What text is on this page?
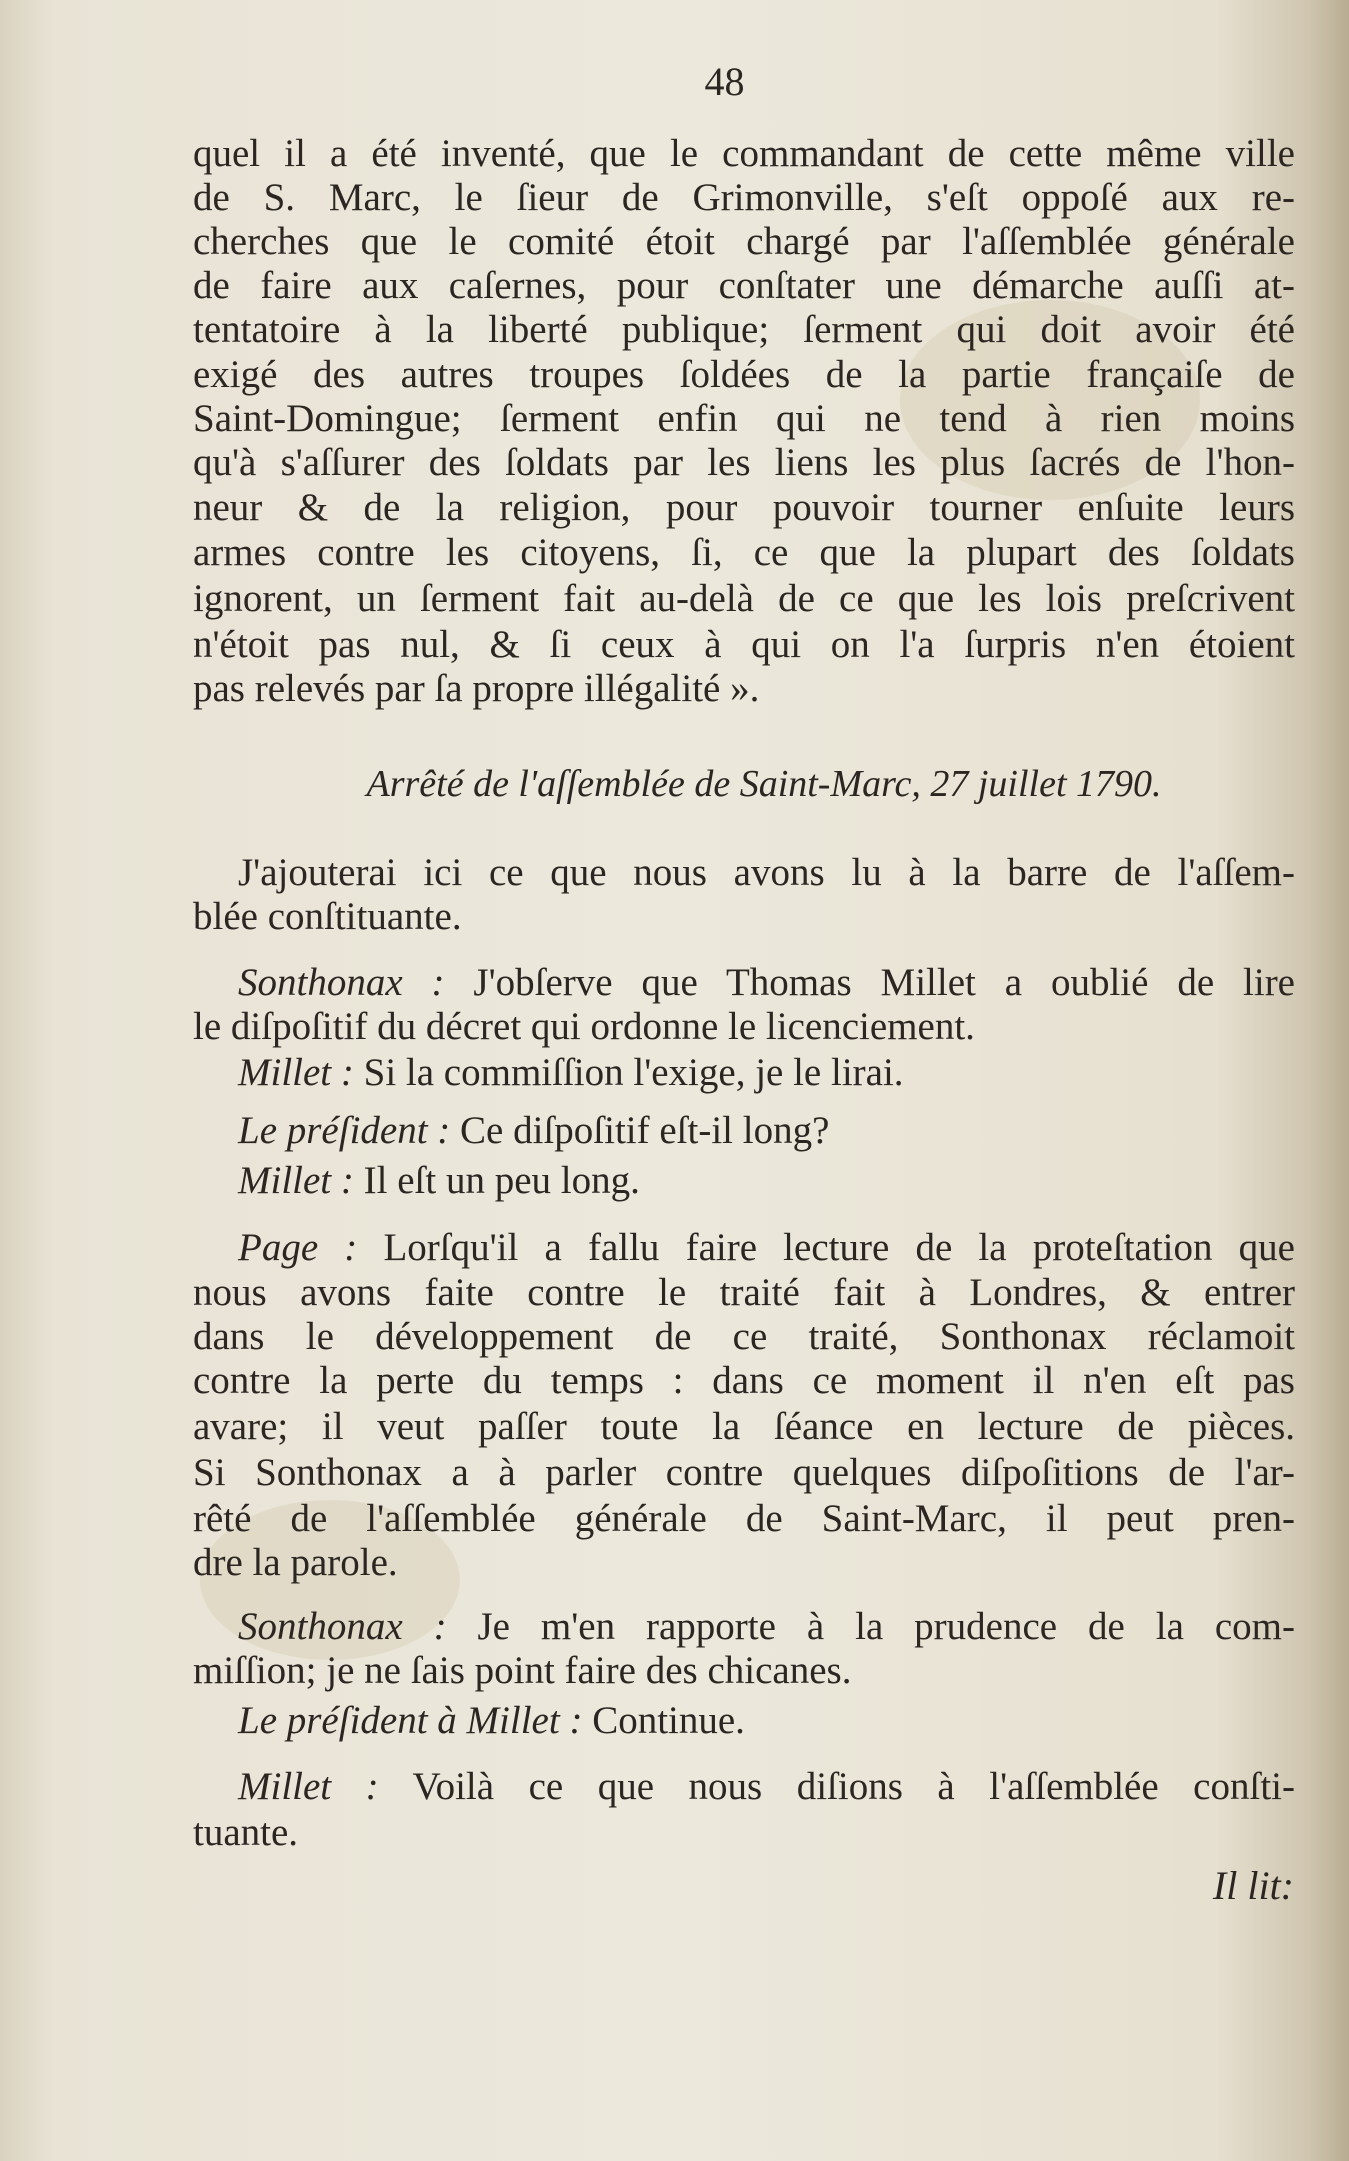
48
quel il a été inventé, que le commandant de cette même ville
de S. Marc, le ſieur de Grimonville, s'eſt oppoſé aux re-
cherches que le comité étoit chargé par l'aſſemblée générale
de faire aux caſernes, pour conſtater une démarche auſſi at-
tentatoire à la liberté publique; ſerment qui doit avoir été
exigé des autres troupes ſoldées de la partie françaiſe de
Saint-Domingue; ſerment enfin qui ne tend à rien moins
qu'à s'aſſurer des ſoldats par les liens les plus ſacrés de l'hon-
neur & de la religion, pour pouvoir tourner enſuite leurs
armes contre les citoyens, ſi, ce que la plupart des ſoldats
ignorent, un ſerment fait au-delà de ce que les lois preſcrivent
n'étoit pas nul, & ſi ceux à qui on l'a ſurpris n'en étoient
pas relevés par ſa propre illégalité ».
J'ajouterai ici ce que nous avons lu à la barre de l'aſſem-
blée conſtituante.
Sonthonax : J'obſerve que Thomas Millet a oublié de lire
le diſpoſitif du décret qui ordonne le licenciement.
Millet : Si la commiſſion l'exige, je le lirai.
Le préſident : Ce diſpoſitif eſt-il long?
Millet : Il eſt un peu long.
Page : Lorſqu'il a fallu faire lecture de la proteſtation que
nous avons faite contre le traité fait à Londres, & entrer
dans le développement de ce traité, Sonthonax réclamoit
contre la perte du temps : dans ce moment il n'en eſt pas
avare; il veut paſſer toute la ſéance en lecture de pièces.
Si Sonthonax a à parler contre quelques diſpoſitions de l'ar-
rêté de l'aſſemblée générale de Saint-Marc, il peut pren-
dre la parole.
Sonthonax : Je m'en rapporte à la prudence de la com-
miſſion; je ne ſais point faire des chicanes.
Le préſident à Millet : Continue.
Millet : Voilà ce que nous diſions à l'aſſemblée conſti-
tuante.
Arrêté de l'aſſemblée de Saint-Marc, 27 juillet 1790.
Il lit:
